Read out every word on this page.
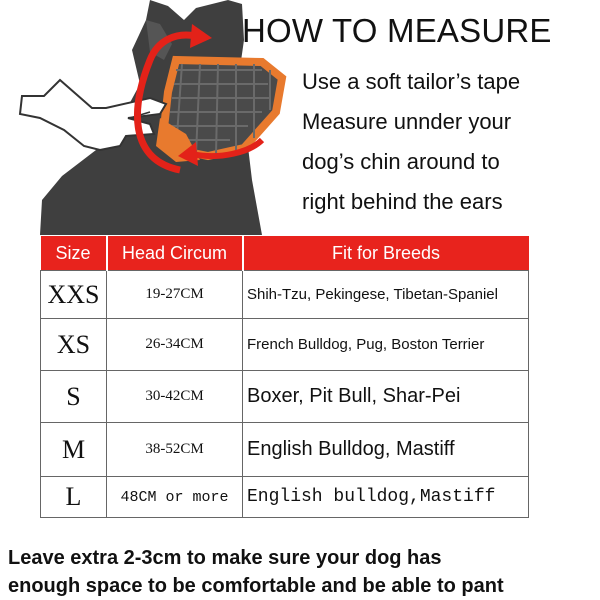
HOW TO MEASURE
Use a soft tailor’s tape
Measure unnder your
dog’s chin around to
right behind the ears
Size	Head Circum	Fit for Breeds
XXS	19-27CM	Shih-Tzu, Pekingese, Tibetan-Spaniel
XS	26-34CM	French Bulldog, Pug, Boston Terrier
S	30-42CM	Boxer, Pit Bull, Shar-Pei
M	38-52CM	English Bulldog, Mastiff
L	48CM or more	English bulldog,Mastiff
Leave extra 2-3cm to make sure your dog has
enough space to be comfortable and be able to pant
